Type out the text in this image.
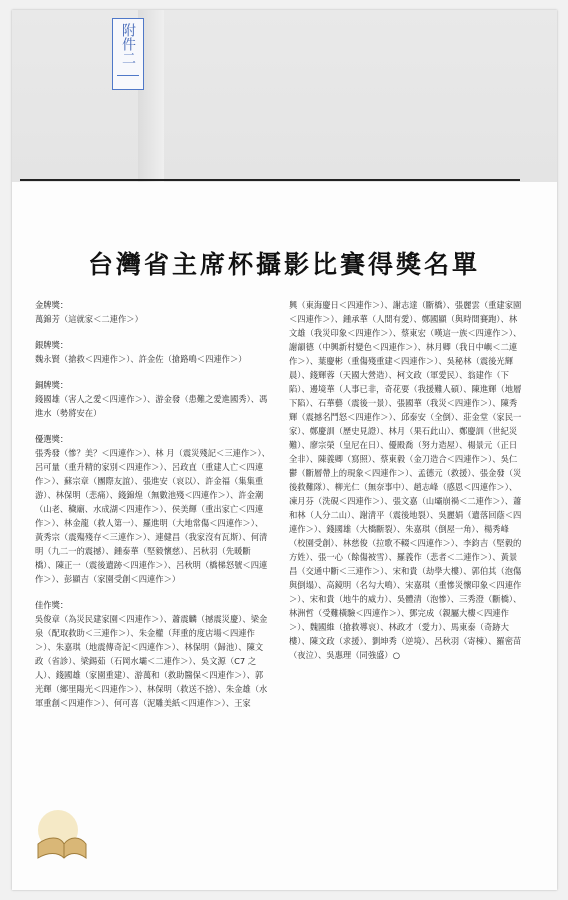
附件二
台灣省主席杯攝影比賽得獎名單
金牌獎：
萬錦芳（這就家＜二連作＞）
銀牌獎：
魏永賢（搶救＜四連作＞）、許金佐（搶路鳴＜四連作＞）
銅牌獎：
錢國雄（害人之愛＜四連作＞）、游金發（患難之愛進國秀）、馮進水（勢將安在）
優選獎：
張秀發（慘？美？＜四連作＞）、林 月（震災殘記＜三連作＞）、呂可量（重升精的家別＜四連作＞）、呂政直（重建人亡＜四連作＞）、蘇宗章（團際友誼）、張進安（哀以）、許金福（集集重游）、林保明（悲痛）、錢錦煌（無數池殘＜四連作＞）、許金潮（山老、穢廟、水成湖＜四連作＞）、侯美輝（重出家亡＜四連作＞）、林金龍（救人第一）、羅進明（大地常傷＜四連作＞）、黃秀宗（震殤殘存＜三連作＞）、連健昌（我家沒有瓦斯）、何清明（九二一的震撼）、鍾泰華（堅毅懷慈）、呂秋羽（先暖斷橋）、陳正一（震後遺跡＜四連作＞）、呂秋明（橋梯怒號＜四連作＞）、彭顯吉（家園受創＜四連作＞）
佳作獎：
吳俊章（為災民建家園＜四連作＞）、蕭震麟（撼震災慶）、梁金泉（配取救助＜三連作＞）、朱金權（拜重的度店場＜四連作＞）、朱嘉琪（地震傳奇記＜四連作＞）、林保明（歸池）、陳文政（省診）、梁錫茹（石岡水壩＜二連作＞）、吳文源（C7 之人）、錢國雄（家園重建）、游萬和（救助醫保＜四連作＞）、郭光輝（鄉里陽光＜四連作＞）、林保明（救送不捨）、朱金雄（水軍重創＜四連作＞）、何可喜（泥雕美紙＜四連作＞）、王家
興（東海慶日＜四連作＞）、謝志達（斷橋）、張麗雲（重建家園＜四連作＞）、鍾承華（人間有愛）、鄭國顯（與時間賽跑）、林文雄（我災印象＜四連作＞）、蔡東宏（嘆這一族＜四連作＞）、謝韻德（中興新村變色＜四連作＞）、林月卿（我日中嶼＜二連作＞）、葉慶彬（重傷殘重建＜四連作＞）、吳秘林（震後光輝晨）、錢輝蓉（天國大營造）、柯文政（軍愛民）、翁建作（下陷）、邊境華（人事已非，奇花要（我援難人碩）、陳進輝（地層下陷）、石華藝（震後一景）、張國華（我災＜四連作＞）、陳秀輝（震撼名鬥怒＜四連作＞）、邱泰安（全倒）、莊金堂（家民一家）、鄭慶訓（歷史見證）、林月（果石此山）、鄭慶訓（世紀災難）、廖宗榮（皇尼在日）、優殿喬（努力造屋）、楊景元（正日全非）、陳義卿（寫照）、蔡東毅（金刀造合＜四連作＞）、吳仁鬱（斷層帶上的現象＜四連作＞）、孟德元（救援）、張金發（災後救難隊）、柳光仁（無奈事中）、趙志峰（感恩＜四連作＞）、凍月芬（洗硯＜四連作＞）、張文嘉（山壩崩禍＜二連作＞）、蕭和林（人分二山）、謝清平（震後地裂）、吳麗娟（遺落回蔭＜四連作＞）、錢國雄（大橋斷裂）、朱嘉琪（倒屋一角）、楊秀峰（校園受創）、林慈俊（拉歌不輟＜四連作＞）、李鈞吉（堅毅的方姓）、張一心（餘傷被雪）、羅義作（悲者＜二連作＞）、黃景昌（交通中斷＜三連作＞）、宋和貴（劫學大樓）、郭伯其（泡傷與倒塌）、高鏡明（名勾大鳴）、宋嘉琪（重慘災懷印象＜四連作＞）、宋和貴（地牛的威力）、吳體清（泡慘）、三秀澄（斷橋）、林洲哲（受難橫驗＜四連作＞）、鄧完成（親屬大樓＜四連作＞）、魏國維（搶救導哀）、林政才（愛力）、馬東泰（奇跡大樓）、陳文政（求援）、劉坤秀（逆境）、呂秋羽（寄棟）、羅密苗（夜泣）、吳惠理（同強盛）○
